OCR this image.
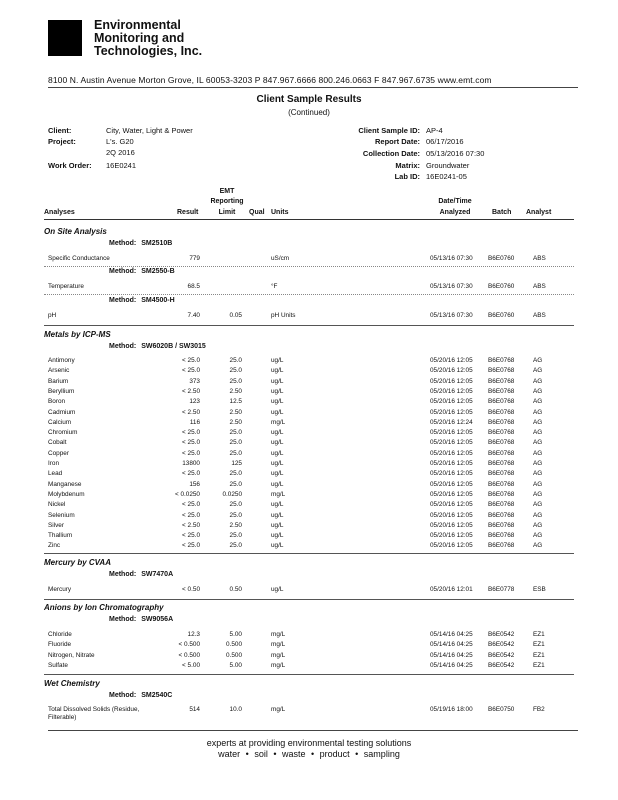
Environmental
Monitoring and
Technologies, Inc.
8100 N. Austin Avenue Morton Grove, IL 60053-3203 P 847.967.6666 800.246.0663 F 847.967.6735 www.emt.com
Client Sample Results
(Continued)
Client:	City, Water, Light & Power
Project:	L's. G20
2Q 2016
Work Order: 16E0241
Client Sample ID: AP-4
Report Date: 06/17/2016
Collection Date: 05/13/2016 07:30
Matrix: Groundwater
Lab ID: 16E0241-05
EMT
Reporting	Date/Time
Analyses	Result	Limit	Qual Units	Analyzed	Batch Analyst
On Site Analysis
Method: SM2510B
Specific Conductance	779	uS/cm	05/13/16 07:30 B6E0760	ABS
Method: SM2550-B
Temperature	68.5	°F	05/13/16 07:30 B6E0760	ABS
Method: SM4500-H
pH	7.40	0.05	pH Units	05/13/16 07:30 B6E0760	ABS
Metals by ICP-MS
Method: SW6020B / SW3015
Antimony	< 25.0	25.0	ug/L	05/20/16 12:05 B6E0768	AG
Arsenic	< 25.0	25.0	ug/L	05/20/16 12:05 B6E0768	AG
Barium	373	25.0	ug/L	05/20/16 12:05 B6E0768	AG
Beryllium	< 2.50	2.50	ug/L	05/20/16 12:05 B6E0768	AG
Boron	123	12.5	ug/L	05/20/16 12:05 B6E0768	AG
Cadmium	< 2.50	2.50	ug/L	05/20/16 12:05 B6E0768	AG
Calcium	116	2.50	mg/L	05/20/16 12:24 B6E0768	AG
Chromium	< 25.0	25.0	ug/L	05/20/16 12:05 B6E0768	AG
Cobalt	< 25.0	25.0	ug/L	05/20/16 12:05 B6E0768	AG
Copper	< 25.0	25.0	ug/L	05/20/16 12:05 B6E0768	AG
Iron	13800	125	ug/L	05/20/16 12:05 B6E0768	AG
Lead	< 25.0	25.0	ug/L	05/20/16 12:05 B6E0768	AG
Manganese	156	25.0	ug/L	05/20/16 12:05 B6E0768	AG
Molybdenum	< 0.0250	0.0250	mg/L	05/20/16 12:05 B6E0768	AG
Nickel	< 25.0	25.0	ug/L	05/20/16 12:05 B6E0768	AG
Selenium	< 25.0	25.0	ug/L	05/20/16 12:05 B6E0768	AG
Silver	< 2.50	2.50	ug/L	05/20/16 12:05 B6E0768	AG
Thallium	< 25.0	25.0	ug/L	05/20/16 12:05 B6E0768	AG
Zinc	< 25.0	25.0	ug/L	05/20/16 12:05 B6E0768	AG
Mercury by CVAA
Method: SW7470A
Mercury	< 0.50	0.50	ug/L	05/20/16 12:01 B6E0778	ESB
Anions by Ion Chromatography
Method: SW9056A
Chloride	12.3	5.00	mg/L	05/14/16 04:25 B6E0542	EZ1
Fluoride	< 0.500	0.500	mg/L	05/14/16 04:25 B6E0542	EZ1
Nitrogen, Nitrate	< 0.500	0.500	mg/L	05/14/16 04:25 B6E0542	EZ1
Sulfate	< 5.00	5.00	mg/L	05/14/16 04:25 B6E0542	EZ1
Wet Chemistry
Method: SM2540C
Total Dissolved Solids (Residue,	514	10.0	mg/L	05/19/16 18:00 B6E0750	FB2
Filterable)
experts at providing environmental testing solutions
water • soil • waste • product • sampling
